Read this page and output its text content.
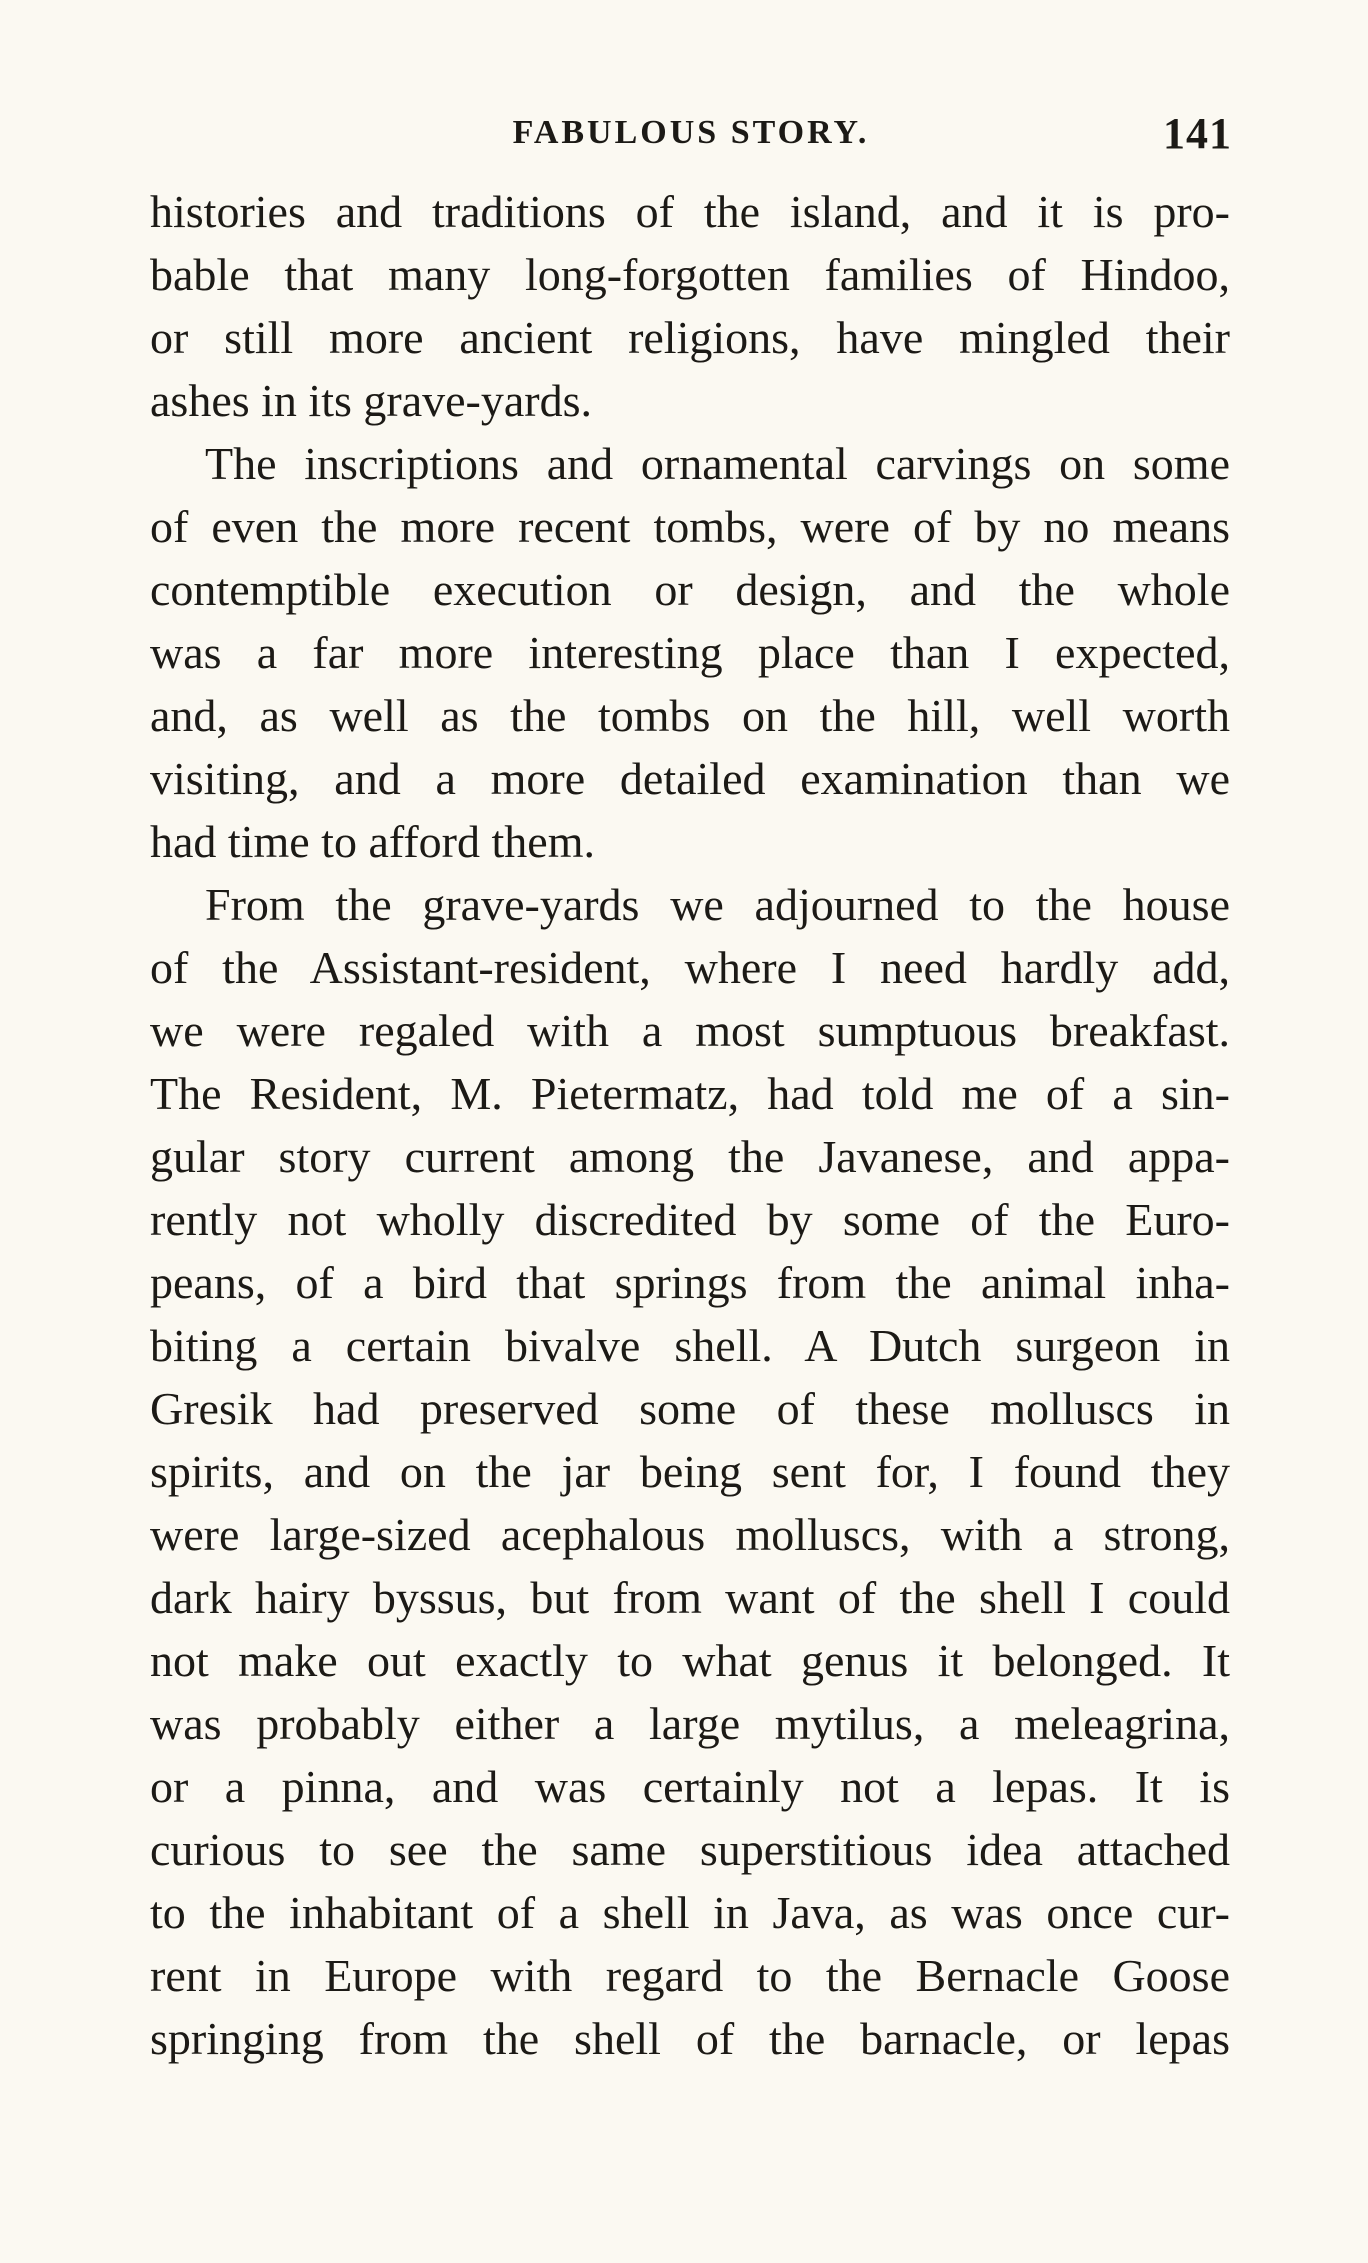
FABULOUS STORY.	141
histories and traditions of the island, and it is pro-
bable that many long-forgotten families of Hindoo,
or still more ancient religions, have mingled their
ashes in its grave-yards.
The inscriptions and ornamental carvings on some
of even the more recent tombs, were of by no means
contemptible execution or design, and the whole
was a far more interesting place than I expected,
and, as well as the tombs on the hill, well worth
visiting, and a more detailed examination than we
had time to afford them.
From the grave-yards we adjourned to the house
of the Assistant-resident, where I need hardly add,
we were regaled with a most sumptuous breakfast.
The Resident, M. Pietermatz, had told me of a sin-
gular story current among the Javanese, and appa-
rently not wholly discredited by some of the Euro-
peans, of a bird that springs from the animal inha-
biting a certain bivalve shell. A Dutch surgeon in
Gresik had preserved some of these molluscs in
spirits, and on the jar being sent for, I found they
were large-sized acephalous molluscs, with a strong,
dark hairy byssus, but from want of the shell I could
not make out exactly to what genus it belonged. It
was probably either a large mytilus, a meleagrina,
or a pinna, and was certainly not a lepas. It is
curious to see the same superstitious idea attached
to the inhabitant of a shell in Java, as was once cur-
rent in Europe with regard to the Bernacle Goose
springing from the shell of the barnacle, or lepas
